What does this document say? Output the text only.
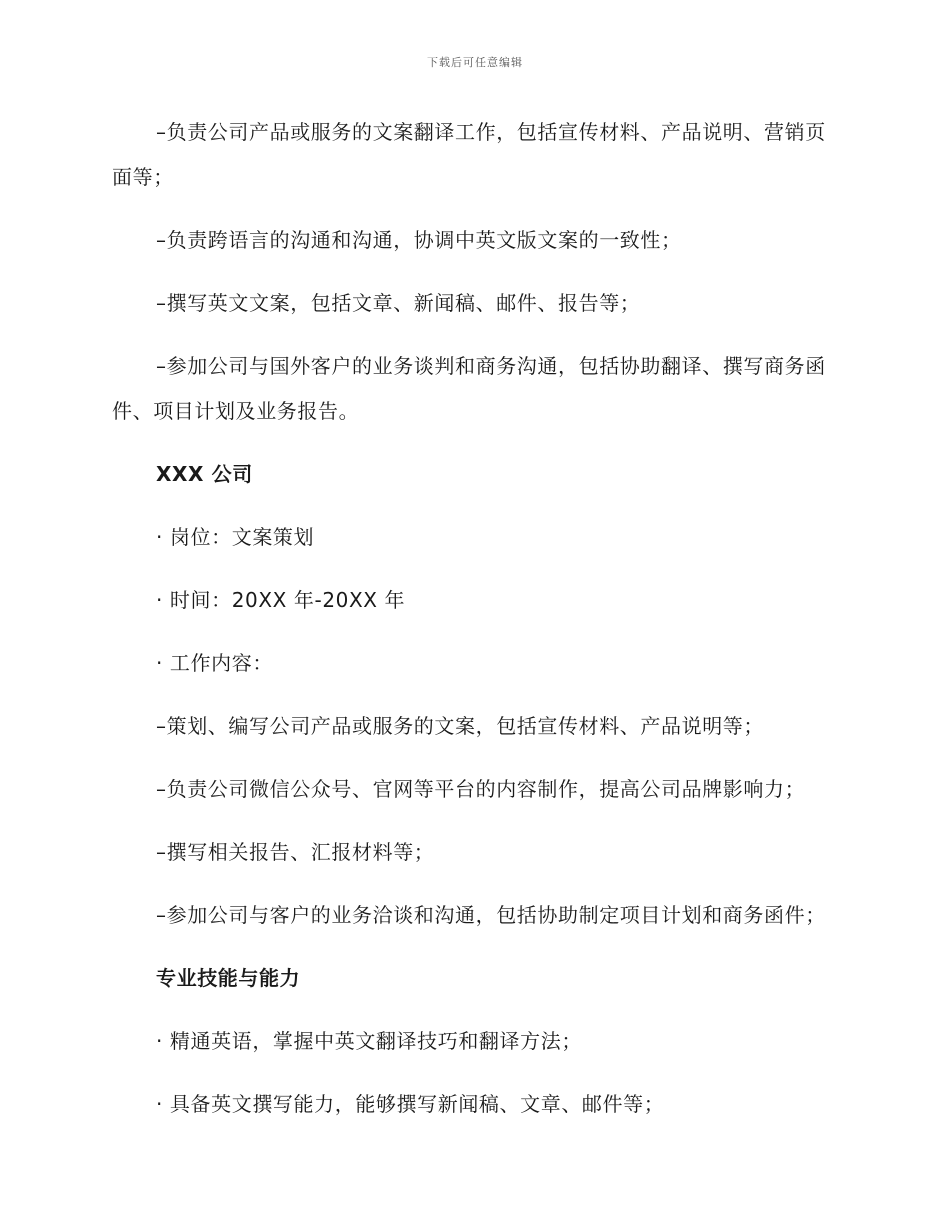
下载后可任意编辑

–负责公司产品或服务的文案翻译工作，包括宣传材料、产品说明、营销页面等；

–负责跨语言的沟通和沟通，协调中英文版文案的一致性；

–撰写英文文案，包括文章、新闻稿、邮件、报告等；

–参加公司与国外客户的业务谈判和商务沟通，包括协助翻译、撰写商务函件、项目计划及业务报告。

XXX 公司

· 岗位：文案策划

· 时间：20XX 年-20XX 年

· 工作内容：

–策划、编写公司产品或服务的文案，包括宣传材料、产品说明等；

–负责公司微信公众号、官网等平台的内容制作，提高公司品牌影响力；

–撰写相关报告、汇报材料等；

–参加公司与客户的业务洽谈和沟通，包括协助制定项目计划和商务函件；

专业技能与能力

· 精通英语，掌握中英文翻译技巧和翻译方法；

· 具备英文撰写能力，能够撰写新闻稿、文章、邮件等；
